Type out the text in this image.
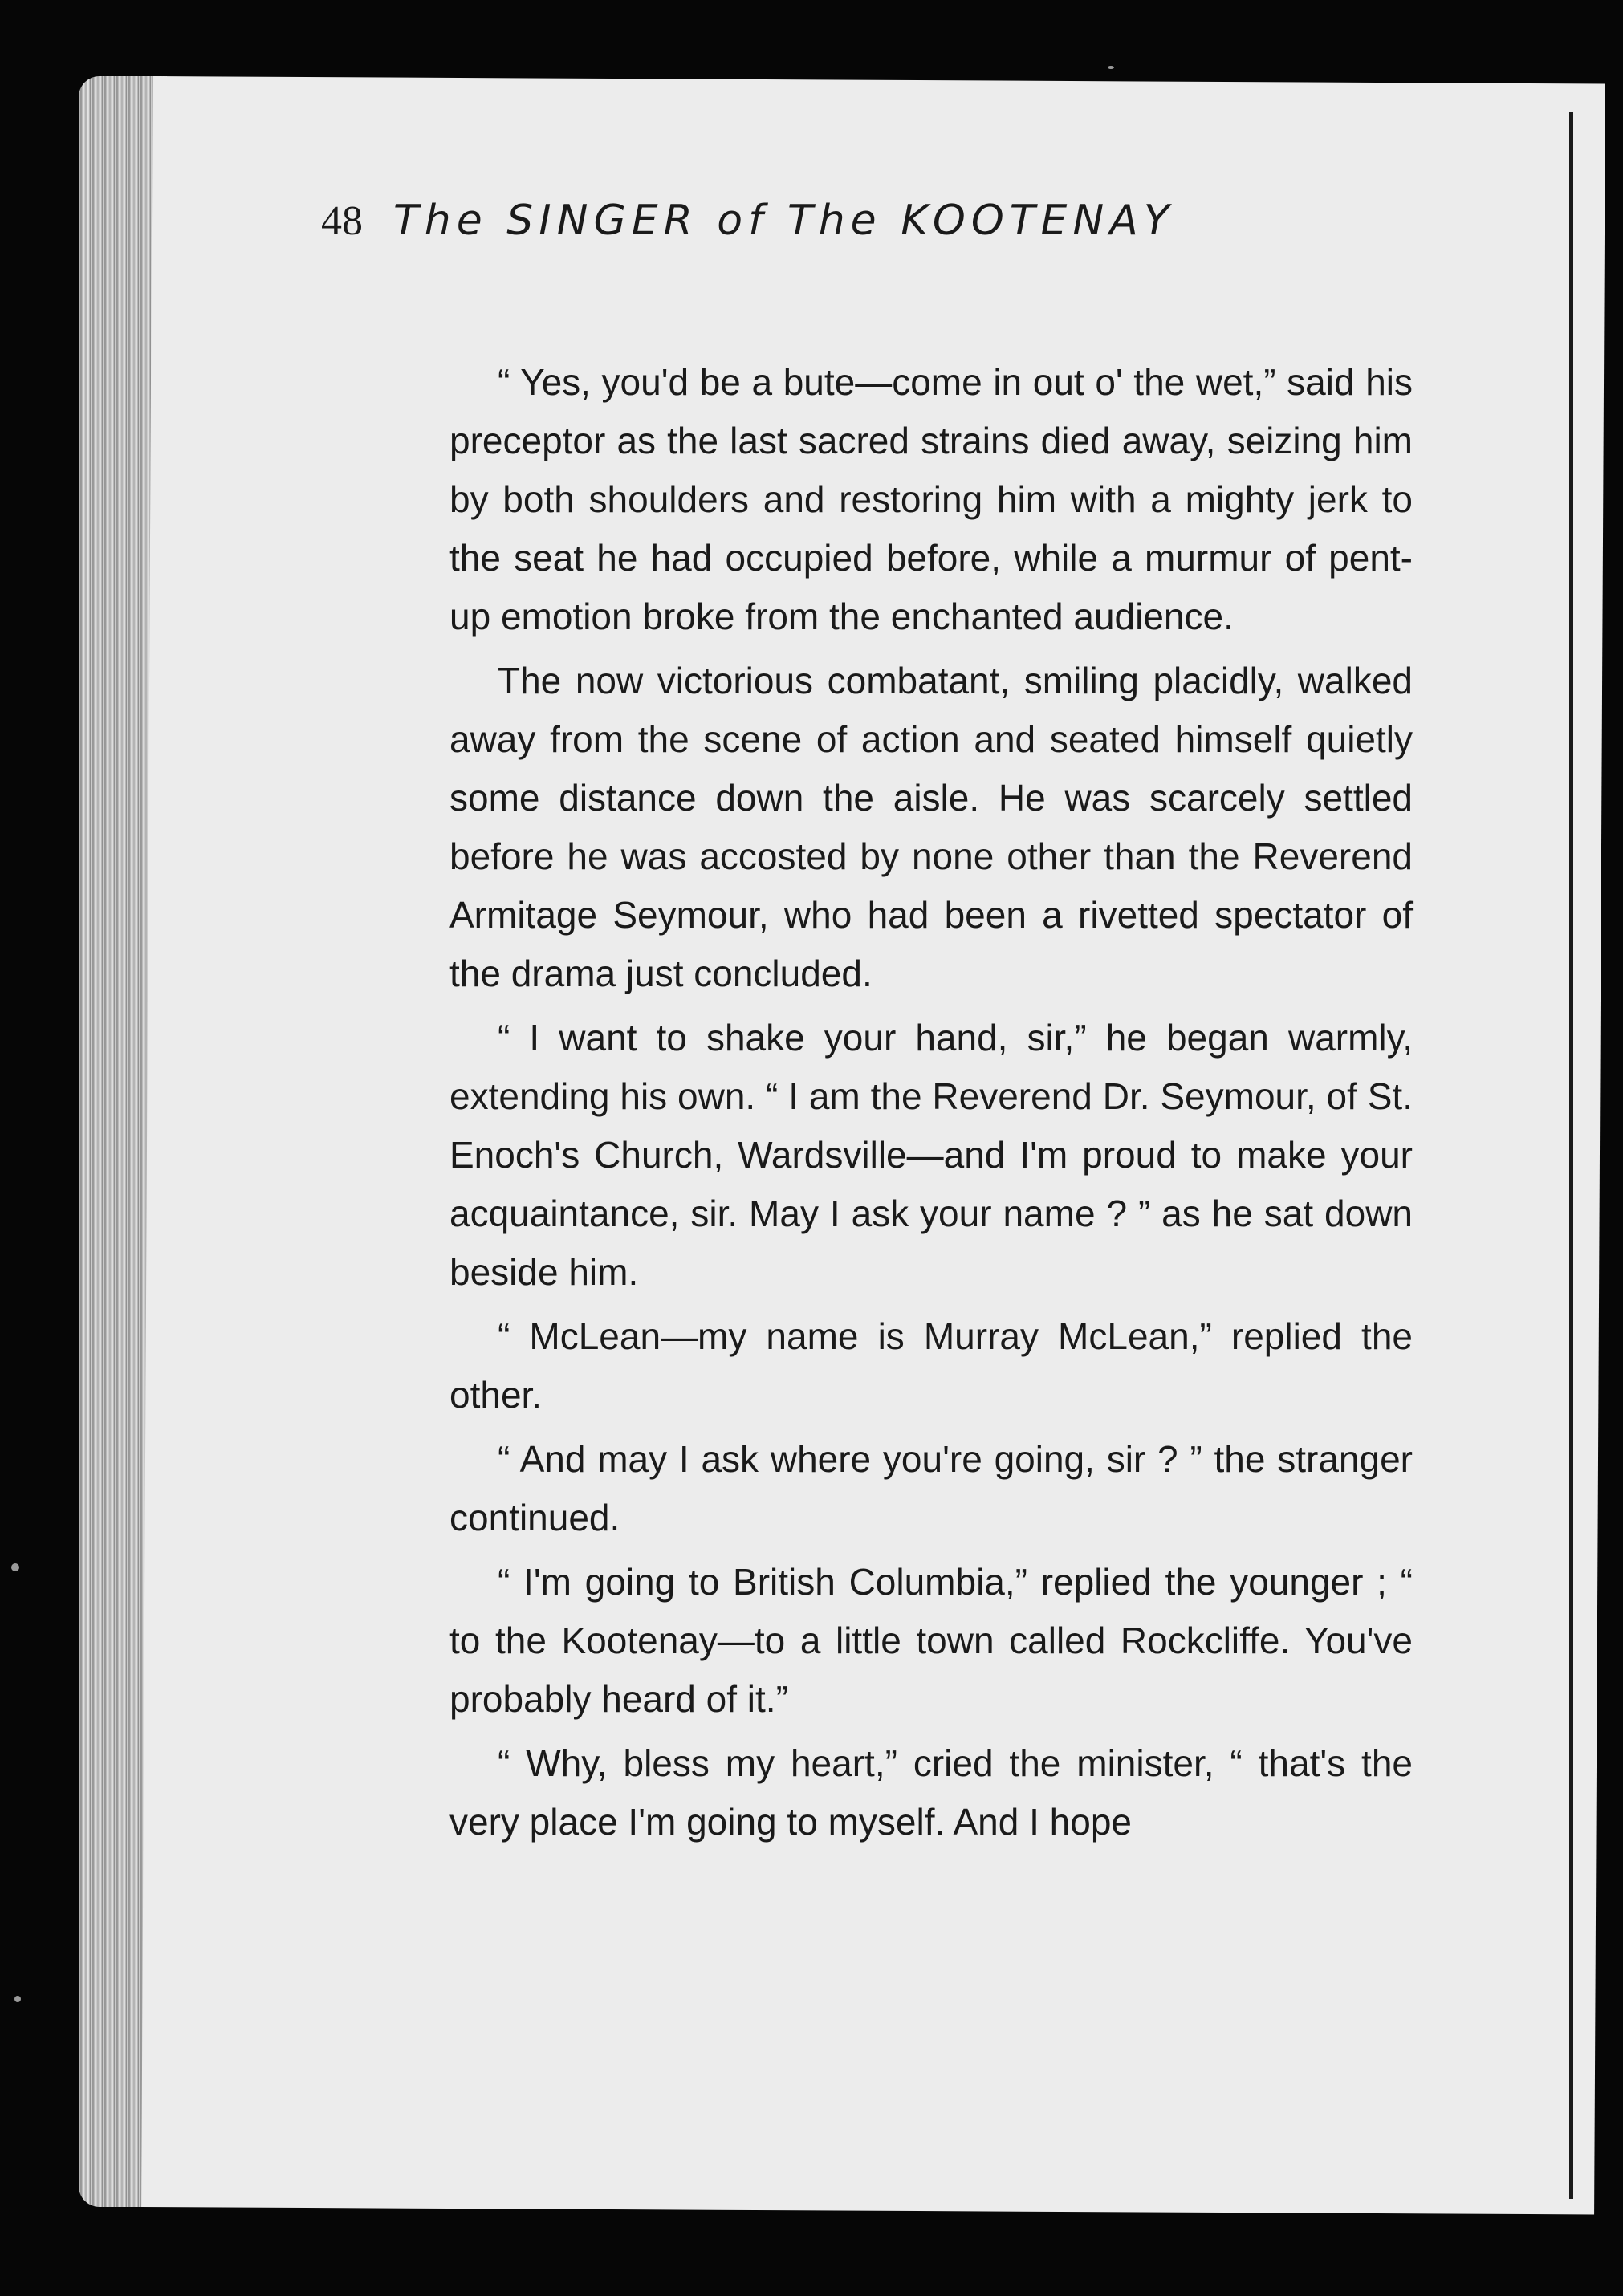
48 The SINGER of The KOOTENAY

“ Yes, you'd be a bute—come in out o' the wet,” said his preceptor as the last sacred strains died away, seizing him by both shoulders and restoring him with a mighty jerk to the seat he had occupied before, while a murmur of pent-up emotion broke from the enchanted audience.

The now victorious combatant, smiling placidly, walked away from the scene of action and seated himself quietly some distance down the aisle. He was scarcely settled before he was accosted by none other than the Reverend Armitage Seymour, who had been a rivetted spectator of the drama just concluded.

“ I want to shake your hand, sir,” he began warmly, extending his own. “ I am the Reverend Dr. Seymour, of St. Enoch's Church, Wardsville—and I'm proud to make your acquaintance, sir. May I ask your name ? ” as he sat down beside him.

“ McLean—my name is Murray McLean,” replied the other.

“ And may I ask where you're going, sir ? ” the stranger continued.

“ I'm going to British Columbia,” replied the younger ; “ to the Kootenay—to a little town called Rockcliffe. You've probably heard of it.”

“ Why, bless my heart,” cried the minister, “ that's the very place I'm going to myself. And I hope
